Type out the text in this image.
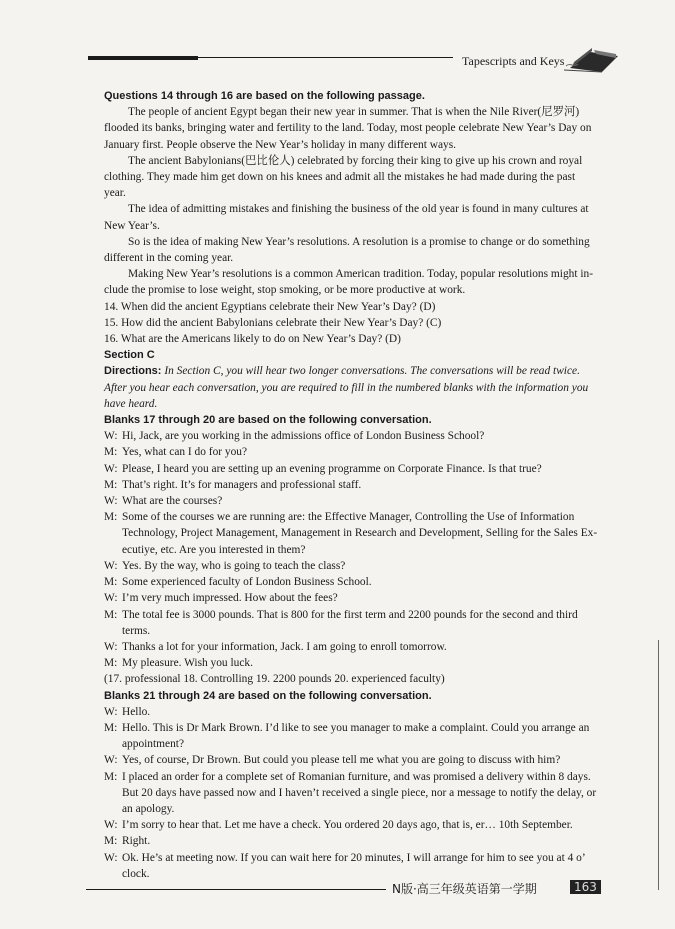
Tapescripts and Keys
Questions 14 through 16 are based on the following passage.
The people of ancient Egypt began their new year in summer. That is when the Nile River(尼罗河)
flooded its banks, bringing water and fertility to the land. Today, most people celebrate New Year’s Day on
January first. People observe the New Year’s holiday in many different ways.
The ancient Babylonians(巴比伦人) celebrated by forcing their king to give up his crown and royal
clothing. They made him get down on his knees and admit all the mistakes he had made during the past
year.
The idea of admitting mistakes and finishing the business of the old year is found in many cultures at
New Year’s.
So is the idea of making New Year’s resolutions. A resolution is a promise to change or do something
different in the coming year.
Making New Year’s resolutions is a common American tradition. Today, popular resolutions might in-
clude the promise to lose weight, stop smoking, or be more productive at work.
14. When did the ancient Egyptians celebrate their New Year’s Day? (D)
15. How did the ancient Babylonians celebrate their New Year’s Day? (C)
16. What are the Americans likely to do on New Year’s Day? (D)
Section C
Directions: In Section C, you will hear two longer conversations. The conversations will be read twice.
After you hear each conversation, you are required to fill in the numbered blanks with the information you
have heard.
Blanks 17 through 20 are based on the following conversation.
W: Hi, Jack, are you working in the admissions office of London Business School?
M: Yes, what can I do for you?
W: Please, I heard you are setting up an evening programme on Corporate Finance. Is that true?
M: That’s right. It’s for managers and professional staff.
W: What are the courses?
M: Some of the courses we are running are: the Effective Manager, Controlling the Use of Information
Technology, Project Management, Management in Research and Development, Selling for the Sales Ex-
ecutiye, etc. Are you interested in them?
W: Yes. By the way, who is going to teach the class?
M: Some experienced faculty of London Business School.
W: I’m very much impressed. How about the fees?
M: The total fee is 3000 pounds. That is 800 for the first term and 2200 pounds for the second and third
terms.
W: Thanks a lot for your information, Jack. I am going to enroll tomorrow.
M: My pleasure. Wish you luck.
(17. professional 18. Controlling 19. 2200 pounds 20. experienced faculty)
Blanks 21 through 24 are based on the following conversation.
W: Hello.
M: Hello. This is Dr Mark Brown. I’d like to see you manager to make a complaint. Could you arrange an
appointment?
W: Yes, of course, Dr Brown. But could you please tell me what you are going to discuss with him?
M: I placed an order for a complete set of Romanian furniture, and was promised a delivery within 8 days.
But 20 days have passed now and I haven’t received a single piece, nor a message to notify the delay, or
an apology.
W: I’m sorry to hear that. Let me have a check. You ordered 20 days ago, that is, er… 10th September.
M: Right.
W: Ok. He’s at meeting now. If you can wait here for 20 minutes, I will arrange for him to see you at 4 o’
clock.
N版·高三年级英语第一学期	163
